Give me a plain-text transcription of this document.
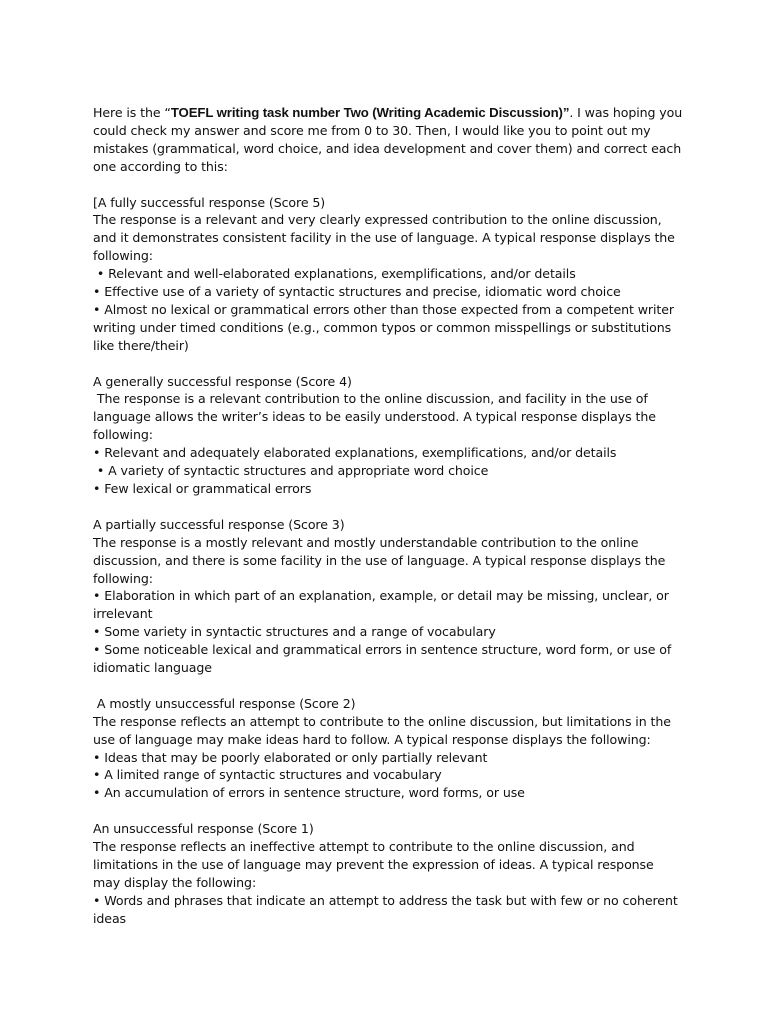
Here is the “TOEFL writing task number Two (Writing Academic Discussion)”. I was hoping you could check my answer and score me from 0 to 30. Then, I would like you to point out my mistakes (grammatical, word choice, and idea development and cover them) and correct each one according to this:

[A fully successful response (Score 5)

The response is a relevant and very clearly expressed contribution to the online discussion, and it demonstrates consistent facility in the use of language. A typical response displays the following:

• Relevant and well-elaborated explanations, exemplifications, and/or details

• Effective use of a variety of syntactic structures and precise, idiomatic word choice

• Almost no lexical or grammatical errors other than those expected from a competent writer writing under timed conditions (e.g., common typos or common misspellings or substitutions like there/their)

A generally successful response (Score 4)

The response is a relevant contribution to the online discussion, and facility in the use of language allows the writer’s ideas to be easily understood. A typical response displays the following:

• Relevant and adequately elaborated explanations, exemplifications, and/or details

• A variety of syntactic structures and appropriate word choice

• Few lexical or grammatical errors

A partially successful response (Score 3)

The response is a mostly relevant and mostly understandable contribution to the online discussion, and there is some facility in the use of language. A typical response displays the following:

• Elaboration in which part of an explanation, example, or detail may be missing, unclear, or irrelevant

• Some variety in syntactic structures and a range of vocabulary

• Some noticeable lexical and grammatical errors in sentence structure, word form, or use of idiomatic language

A mostly unsuccessful response (Score 2)

The response reflects an attempt to contribute to the online discussion, but limitations in the use of language may make ideas hard to follow. A typical response displays the following:

• Ideas that may be poorly elaborated or only partially relevant

• A limited range of syntactic structures and vocabulary

• An accumulation of errors in sentence structure, word forms, or use

An unsuccessful response (Score 1)

The response reflects an ineffective attempt to contribute to the online discussion, and limitations in the use of language may prevent the expression of ideas. A typical response may display the following:

• Words and phrases that indicate an attempt to address the task but with few or no coherent ideas
